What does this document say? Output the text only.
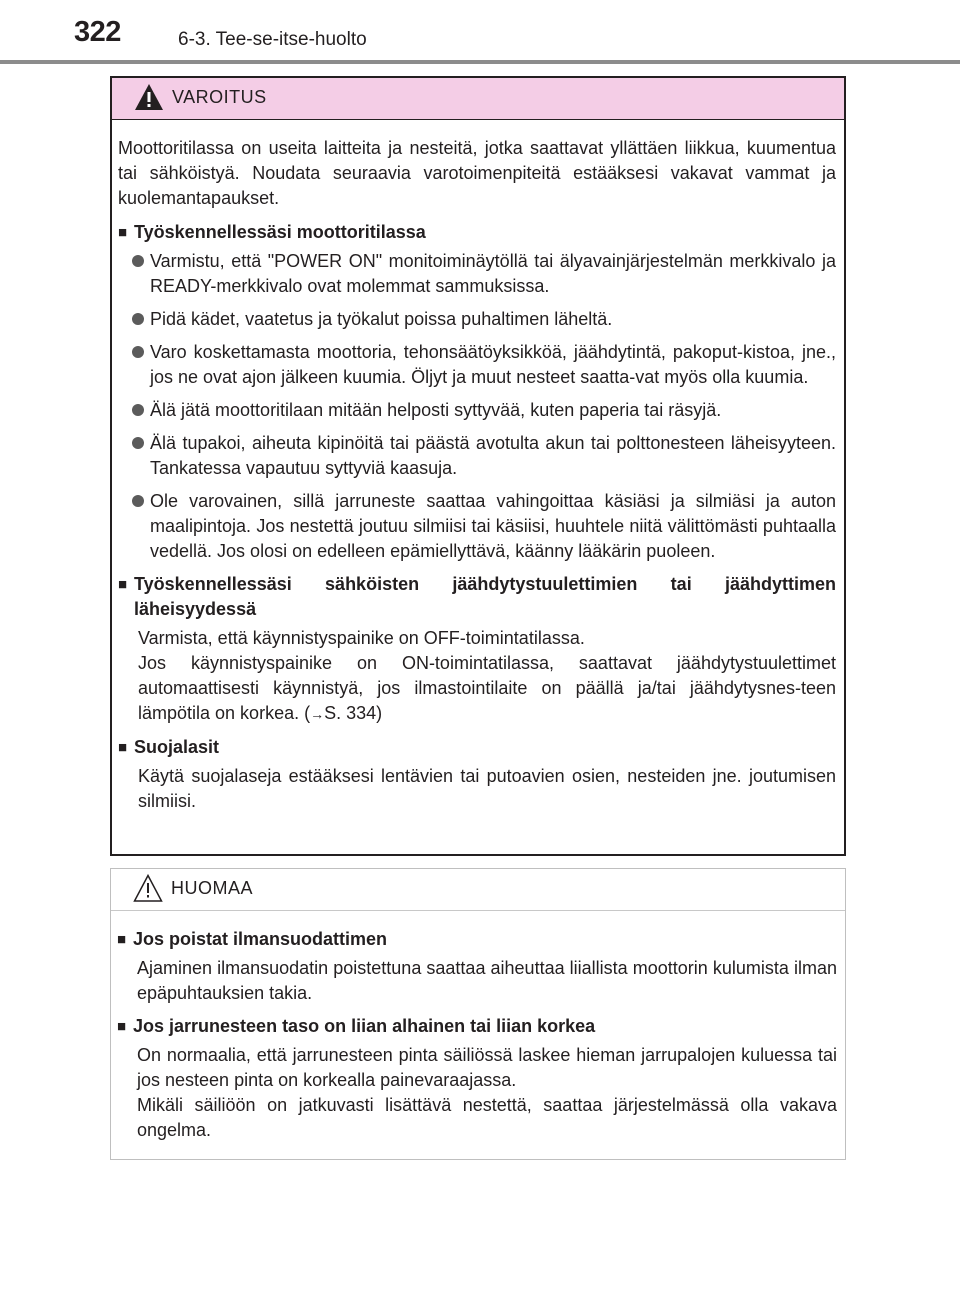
322	6-3. Tee-se-itse-huolto
VAROITUS

Moottoritilassa on useita laitteita ja nesteitä, jotka saattavat yllättäen liikkua, kuumentua tai sähköistyä. Noudata seuraavia varotoimenpiteitä estääksesi vakavat vammat ja kuolemantapaukset.

■ Työskennellessäsi moottoritilassa
Varmistu, että "POWER ON" monitoiminäytöllä tai älyavainjärjestelmän merkkivalo ja READY-merkkivalo ovat molemmat sammuksissa.
Pidä kädet, vaatetus ja työkalut poissa puhaltimen läheltä.
Varo koskettamasta moottoria, tehonsäätöyksikköä, jäähdytintä, pakoput-kistoa, jne., jos ne ovat ajon jälkeen kuumia. Öljyt ja muut nesteet saatta-vat myös olla kuumia.
Älä jätä moottoritilaan mitään helposti syttyvää, kuten paperia tai räsyjä.
Älä tupakoi, aiheuta kipinöitä tai päästä avotulta akun tai polttonesteen läheisyyteen. Tankatessa vapautuu syttyviä kaasuja.
Ole varovainen, sillä jarruneste saattaa vahingoittaa käsiäsi ja silmiäsi ja auton maalipintoja. Jos nestettä joutuu silmiisi tai käsiisi, huuhtele niitä välittömästi puhtaalla vedellä. Jos olosi on edelleen epämiellyttävä, käänny lääkärin puoleen.
■ Työskennellessäsi sähköisten jäähdytystuulettimien tai jäähdyttimen läheisyydessä

Varmista, että käynnistyspainike on OFF-toimintatilassa.

Jos käynnistyspainike on ON-toimintatilassa, saattavat jäähdytystuulettimet automaattisesti käynnistyä, jos ilmastointilaite on päällä ja/tai jäähdytysnes-teen lämpötila on korkea. (→S. 334)

■ Suojalasit

Käytä suojalaseja estääksesi lentävien tai putoavien osien, nesteiden jne. joutumisen silmiisi.

HUOMAA
■ Jos poistat ilmansuodattimen

Ajaminen ilmansuodatin poistettuna saattaa aiheuttaa liiallista moottorin kulumista ilman epäpuhtauksien takia.

■ Jos jarrunesteen taso on liian alhainen tai liian korkea

On normaalia, että jarrunesteen pinta säiliössä laskee hieman jarrupalojen kuluessa tai jos nesteen pinta on korkealla painevaraajassa.

Mikäli säiliöön on jatkuvasti lisättävä nestettä, saattaa järjestelmässä olla vakava ongelma.
